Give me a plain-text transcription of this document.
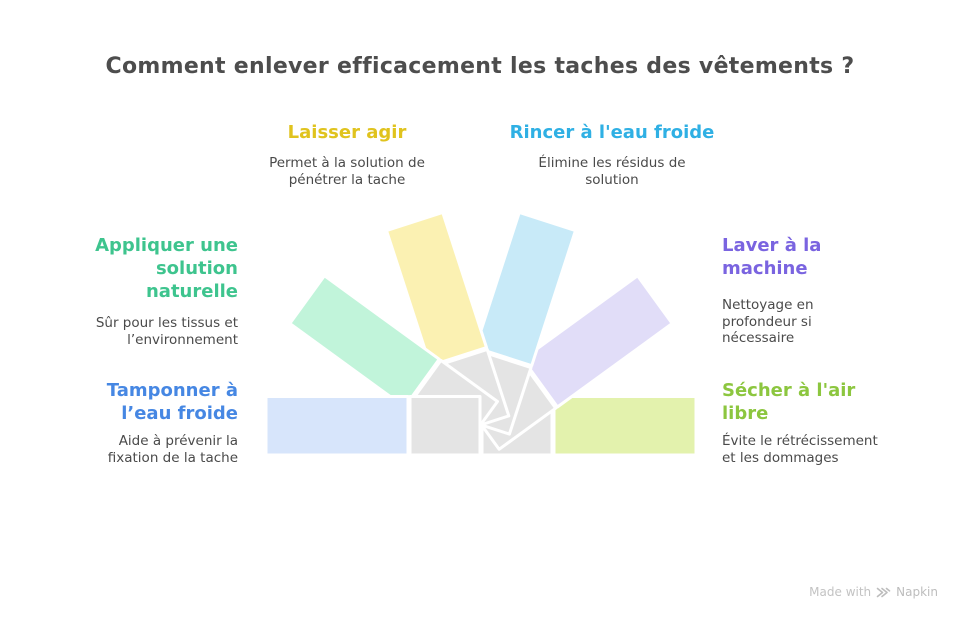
Comment enlever efficacement les taches des vêtements ?
Laisser agir
Permet à la solution de
pénétrer la tache
Rincer à l'eau froide
Élimine les résidus de
solution
Appliquer une
solution
naturelle
Sûr pour les tissus et
l’environnement
Tamponner à
l’eau froide
Aide à prévenir la
fixation de la tache
Laver à la
machine
Nettoyage en
profondeur si
nécessaire
Sécher à l'air
libre
Évite le rétrécissement
et les dommages
Made with Napkin
